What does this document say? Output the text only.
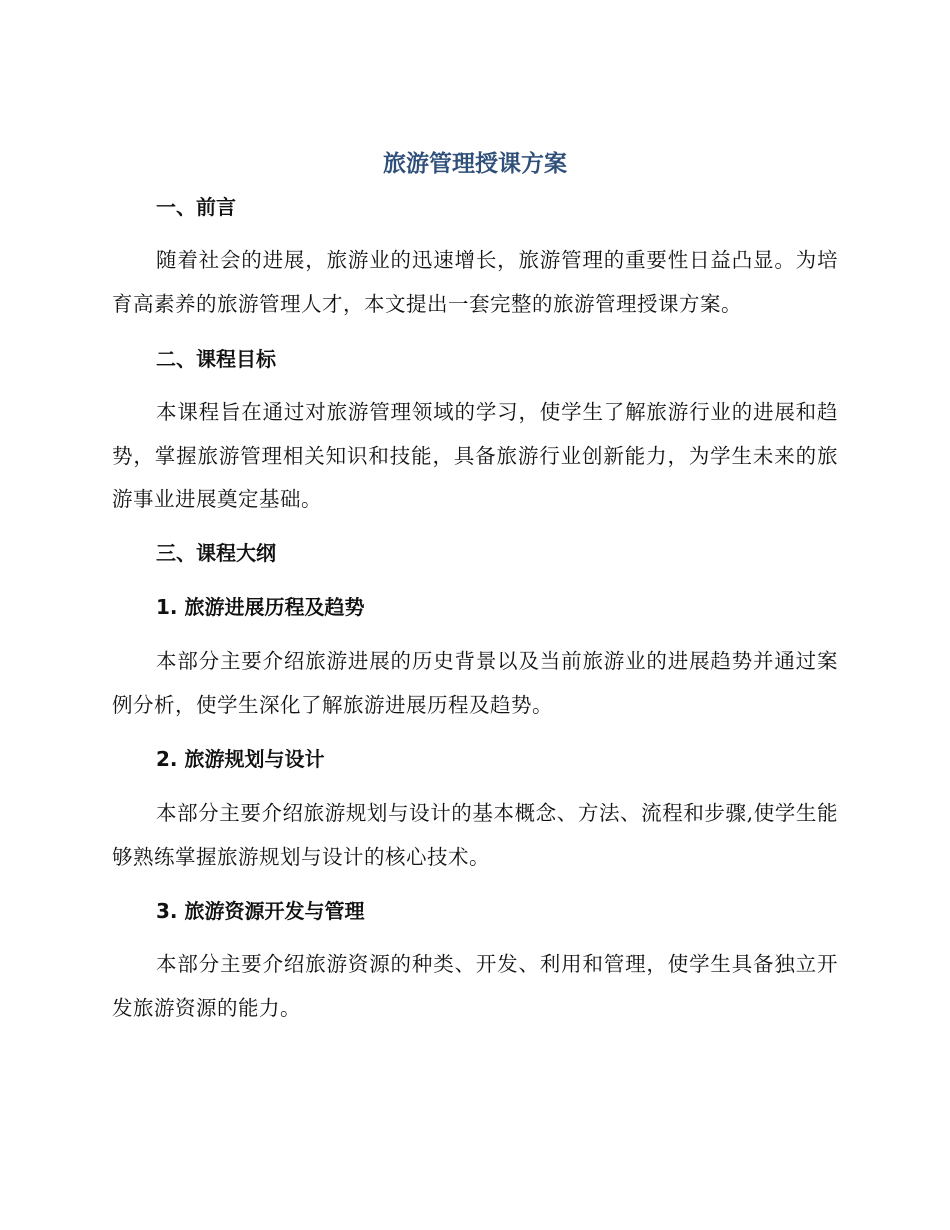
旅游管理授课方案
一、前言

随着社会的进展，旅游业的迅速增长，旅游管理的重要性日益凸显。为培育高素养的旅游管理人才，本文提出一套完整的旅游管理授课方案。

二、课程目标

本课程旨在通过对旅游管理领域的学习，使学生了解旅游行业的进展和趋势，掌握旅游管理相关知识和技能，具备旅游行业创新能力，为学生未来的旅游事业进展奠定基础。

三、课程大纲
1. 旅游进展历程及趋势

本部分主要介绍旅游进展的历史背景以及当前旅游业的进展趋势并通过案例分析，使学生深化了解旅游进展历程及趋势。

2. 旅游规划与设计

本部分主要介绍旅游规划与设计的基本概念、方法、流程和步骤,使学生能够熟练掌握旅游规划与设计的核心技术。

3. 旅游资源开发与管理

本部分主要介绍旅游资源的种类、开发、利用和管理，使学生具备独立开发旅游资源的能力。
